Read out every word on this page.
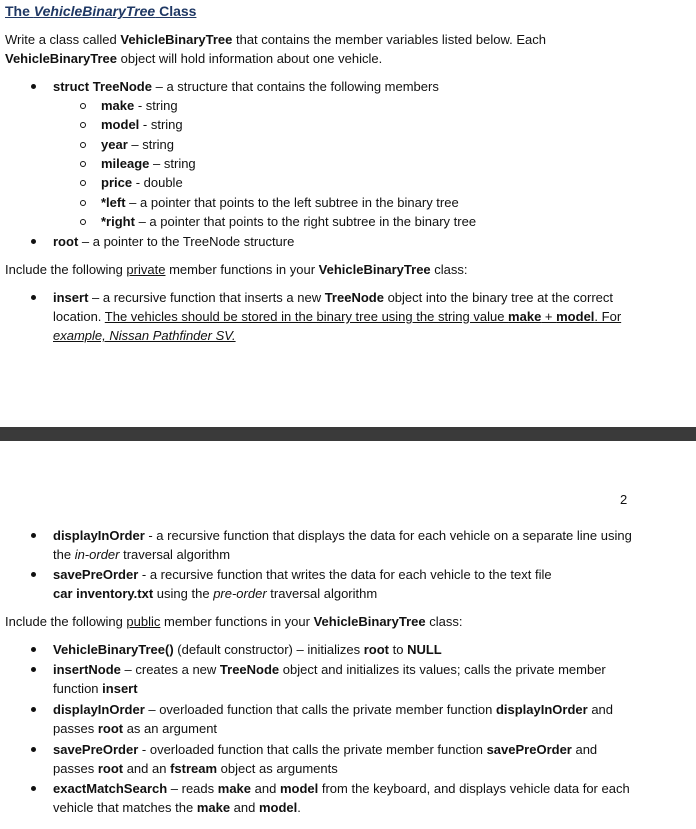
The VehicleBinaryTree Class
Write a class called VehicleBinaryTree that contains the member variables listed below. Each
VehicleBinaryTree object will hold information about one vehicle.
struct TreeNode – a structure that contains the following members
make - string
model - string
year – string
mileage – string
price - double
*left – a pointer that points to the left subtree in the binary tree
*right – a pointer that points to the right subtree in the binary tree
root – a pointer to the TreeNode structure
Include the following private member functions in your VehicleBinaryTree class:
insert – a recursive function that inserts a new TreeNode object into the binary tree at the correct
location. The vehicles should be stored in the binary tree using the string value make + model. For
example, Nissan Pathfinder SV.
2
displayInOrder - a recursive function that displays the data for each vehicle on a separate line using
the in-order traversal algorithm
savePreOrder - a recursive function that writes the data for each vehicle to the text file
car inventory.txt using the pre-order traversal algorithm
Include the following public member functions in your VehicleBinaryTree class:
VehicleBinaryTree() (default constructor) – initializes root to NULL
insertNode – creates a new TreeNode object and initializes its values; calls the private member
function insert
displayInOrder – overloaded function that calls the private member function displayInOrder and
passes root as an argument
savePreOrder - overloaded function that calls the private member function savePreOrder and
passes root and an fstream object as arguments
exactMatchSearch – reads make and model from the keyboard, and displays vehicle data for each
vehicle that matches the make and model.
